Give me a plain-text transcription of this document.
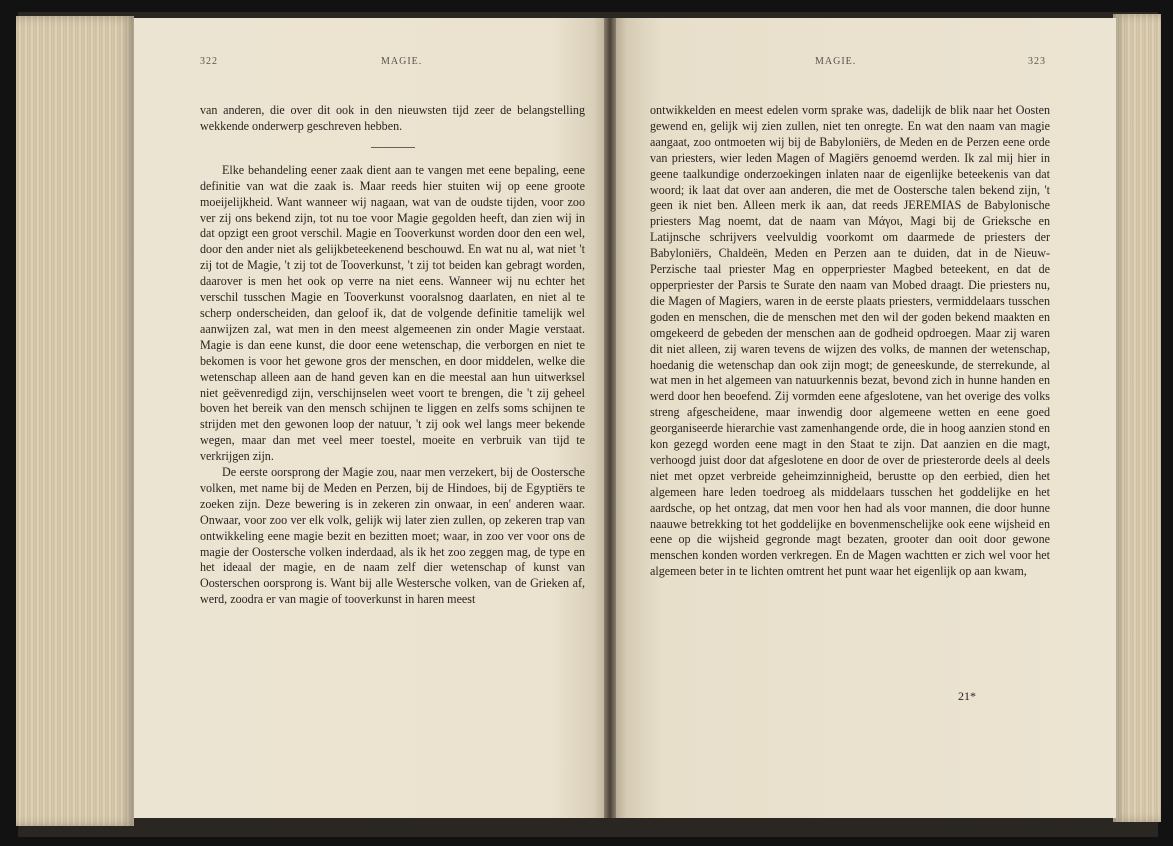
322	MAGIE.

van anderen, die over dit ook in den nieuwsten tijd zeer de belangstelling wekkende onderwerp geschreven hebben.

Elke behandeling eener zaak dient aan te vangen met eene bepaling, eene definitie van wat die zaak is. Maar reeds hier stuiten wij op eene groote moeijelijkheid. Want wanneer wij nagaan, wat van de oudste tijden, voor zoo ver zij ons bekend zijn, tot nu toe voor Magie gegolden heeft, dan zien wij in dat opzigt een groot verschil. Magie en Tooverkunst worden door den een wel, door den ander niet als gelijkbeteekenend beschouwd. En wat nu al, wat niet 't zij tot de Magie, 't zij tot de Tooverkunst, 't zij tot beiden kan gebragt worden, daarover is men het ook op verre na niet eens. Wanneer wij nu echter het verschil tusschen Magie en Tooverkunst vooralsnog daarlaten, en niet al te scherp onderscheiden, dan geloof ik, dat de volgende definitie tamelijk wel aanwijzen zal, wat men in den meest algemeenen zin onder Magie verstaat. Magie is dan eene kunst, die door eene wetenschap, die verborgen en niet te bekomen is voor het gewone gros der menschen, en door middelen, welke die wetenschap alleen aan de hand geven kan en die meestal aan hun uitwerksel niet geëvenredigd zijn, verschijnselen weet voort te brengen, die 't zij geheel boven het bereik van den mensch schijnen te liggen en zelfs soms schijnen te strijden met den gewonen loop der natuur, 't zij ook wel langs meer bekende wegen, maar dan met veel meer toestel, moeite en verbruik van tijd te verkrijgen zijn.

De eerste oorsprong der Magie zou, naar men verzekert, bij de Oostersche volken, met name bij de Meden en Perzen, bij de Hindoes, bij de Egyptiërs te zoeken zijn. Deze bewering is in zekeren zin onwaar, in een' anderen waar. Onwaar, voor zoo ver elk volk, gelijk wij later zien zullen, op zekeren trap van ontwikkeling eene magie bezit en bezitten moet; waar, in zoo ver voor ons de magie der Oostersche volken inderdaad, als ik het zoo zeggen mag, de type en het ideaal der magie, en de naam zelf dier wetenschap of kunst van Oosterschen oorsprong is. Want bij alle Westersche volken, van de Grieken af, werd, zoodra er van magie of tooverkunst in haren meest

MAGIE.	323

ontwikkelden en meest edelen vorm sprake was, dadelijk de blik naar het Oosten gewend en, gelijk wij zien zullen, niet ten onregte. En wat den naam van magie aangaat, zoo ontmoeten wij bij de Babyloniërs, de Meden en de Perzen eene orde van priesters, wier leden Magen of Magiërs genoemd werden. Ik zal mij hier in geene taalkundige onderzoekingen inlaten naar de eigenlijke beteekenis van dat woord; ik laat dat over aan anderen, die met de Oostersche talen bekend zijn, 't geen ik niet ben. Alleen merk ik aan, dat reeds JEREMIAS de Babylonische priesters Mag noemt, dat de naam van Μάγοι, Magi bij de Grieksche en Latijnsche schrijvers veelvuldig voorkomt om daarmede de priesters der Babyloniërs, Chaldeën, Meden en Perzen aan te duiden, dat in de Nieuw-Perzische taal priester Mag en opperpriester Magbed beteekent, en dat de opperpriester der Parsis te Surate den naam van Mobed draagt. Die priesters nu, die Magen of Magiers, waren in de eerste plaats priesters, vermiddelaars tusschen goden en menschen, die de menschen met den wil der goden bekend maakten en omgekeerd de gebeden der menschen aan de godheid opdroegen. Maar zij waren dit niet alleen, zij waren tevens de wijzen des volks, de mannen der wetenschap, hoedanig die wetenschap dan ook zijn mogt; de geneeskunde, de sterrekunde, al wat men in het algemeen van natuurkennis bezat, bevond zich in hunne handen en werd door hen beoefend. Zij vormden eene afgeslotene, van het overige des volks streng afgescheidene, maar inwendig door algemeene wetten en eene goed georganiseerde hierarchie vast zamenhangende orde, die in hoog aanzien stond en kon gezegd worden eene magt in den Staat te zijn. Dat aanzien en die magt, verhoogd juist door dat afgeslotene en door de over de priesterorde deels al deels niet met opzet verbreide geheimzinnigheid, berustte op den eerbied, dien het algemeen hare leden toedroeg als middelaars tusschen het goddelijke en het aardsche, op het ontzag, dat men voor hen had als voor mannen, die door hunne naauwe betrekking tot het goddelijke en bovenmenschelijke ook eene wijsheid en eene op die wijsheid gegronde magt bezaten, grooter dan ooit door gewone menschen konden worden verkregen. En de Magen wachtten er zich wel voor het algemeen beter in te lichten omtrent het punt waar het eigenlijk op aan kwam,

21*
